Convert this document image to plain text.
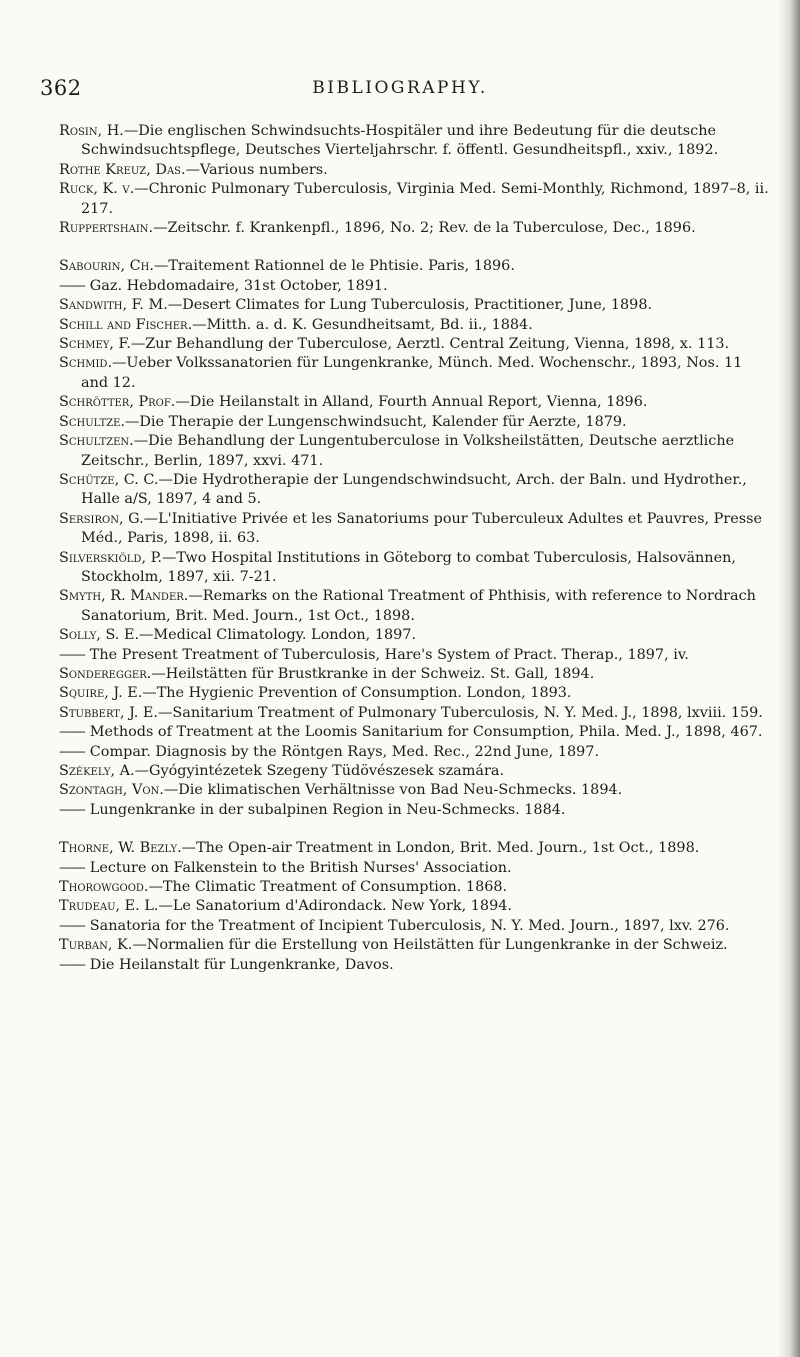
362	BIBLIOGRAPHY.

Rosin, H.—Die englischen Schwindsuchts-Hospitäler und ihre Bedeutung für die deutsche Schwindsuchtspflege, Deutsches Vierteljahrschr. f. öffentl. Gesundheitspfl., xxiv., 1892.

Rothe Kreuz, Das.—Various numbers.

Ruck, K. v.—Chronic Pulmonary Tuberculosis, Virginia Med. Semi-Monthly, Richmond, 1897–8, ii. 217.

Ruppertshain.—Zeitschr. f. Krankenpfl., 1896, No. 2; Rev. de la Tuberculose, Dec., 1896.

Sabourin, Ch.—Traitement Rationnel de le Phtisie. Paris, 1896.

—— Gaz. Hebdomadaire, 31st October, 1891.

Sandwith, F. M.—Desert Climates for Lung Tuberculosis, Practitioner, June, 1898.

Schill and Fischer.—Mitth. a. d. K. Gesundheitsamt, Bd. ii., 1884.

Schmey, F.—Zur Behandlung der Tuberculose, Aerztl. Central Zeitung, Vienna, 1898, x. 113.

Schmid.—Ueber Volkssanatorien für Lungenkranke, Münch. Med. Wochenschr., 1893, Nos. 11 and 12.

Schrötter, Prof.—Die Heilanstalt in Alland, Fourth Annual Report, Vienna, 1896.

Schultze.—Die Therapie der Lungenschwindsucht, Kalender für Aerzte, 1879.

Schultzen.—Die Behandlung der Lungentuberculose in Volksheilstätten, Deutsche aerztliche Zeitschr., Berlin, 1897, xxvi. 471.

Schütze, C. C.—Die Hydrotherapie der Lungendschwindsucht, Arch. der Baln. und Hydrother., Halle a/S, 1897, 4 and 5.

Sersiron, G.—L'Initiative Privée et les Sanatoriums pour Tuberculeux Adultes et Pauvres, Presse Méd., Paris, 1898, ii. 63.

Silverskiöld, P.—Two Hospital Institutions in Göteborg to combat Tuberculosis, Halsovännen, Stockholm, 1897, xii. 7-21.

Smyth, R. Mander.—Remarks on the Rational Treatment of Phthisis, with reference to Nordrach Sanatorium, Brit. Med. Journ., 1st Oct., 1898.

Solly, S. E.—Medical Climatology. London, 1897.

—— The Present Treatment of Tuberculosis, Hare's System of Pract. Therap., 1897, iv.

Sonderegger.—Heilstätten für Brustkranke in der Schweiz. St. Gall, 1894.

Squire, J. E.—The Hygienic Prevention of Consumption. London, 1893.

Stubbert, J. E.—Sanitarium Treatment of Pulmonary Tuberculosis, N. Y. Med. J., 1898, lxviii. 159.

—— Methods of Treatment at the Loomis Sanitarium for Consumption, Phila. Med. J., 1898, 467.

—— Compar. Diagnosis by the Röntgen Rays, Med. Rec., 22nd June, 1897.

Székely, A.—Gyógyintézetek Szegeny Tüdövészesek szamára.

Szontagh, Von.—Die klimatischen Verhältnisse von Bad Neu-Schmecks. 1894.

—— Lungenkranke in der subalpinen Region in Neu-Schmecks. 1884.

Thorne, W. Bezly.—The Open-air Treatment in London, Brit. Med. Journ., 1st Oct., 1898.

—— Lecture on Falkenstein to the British Nurses' Association.

Thorowgood.—The Climatic Treatment of Consumption. 1868.

Trudeau, E. L.—Le Sanatorium d'Adirondack. New York, 1894.

—— Sanatoria for the Treatment of Incipient Tuberculosis, N. Y. Med. Journ., 1897, lxv. 276.

Turban, K.—Normalien für die Erstellung von Heilstätten für Lungenkranke in der Schweiz.

—— Die Heilanstalt für Lungenkranke, Davos.
